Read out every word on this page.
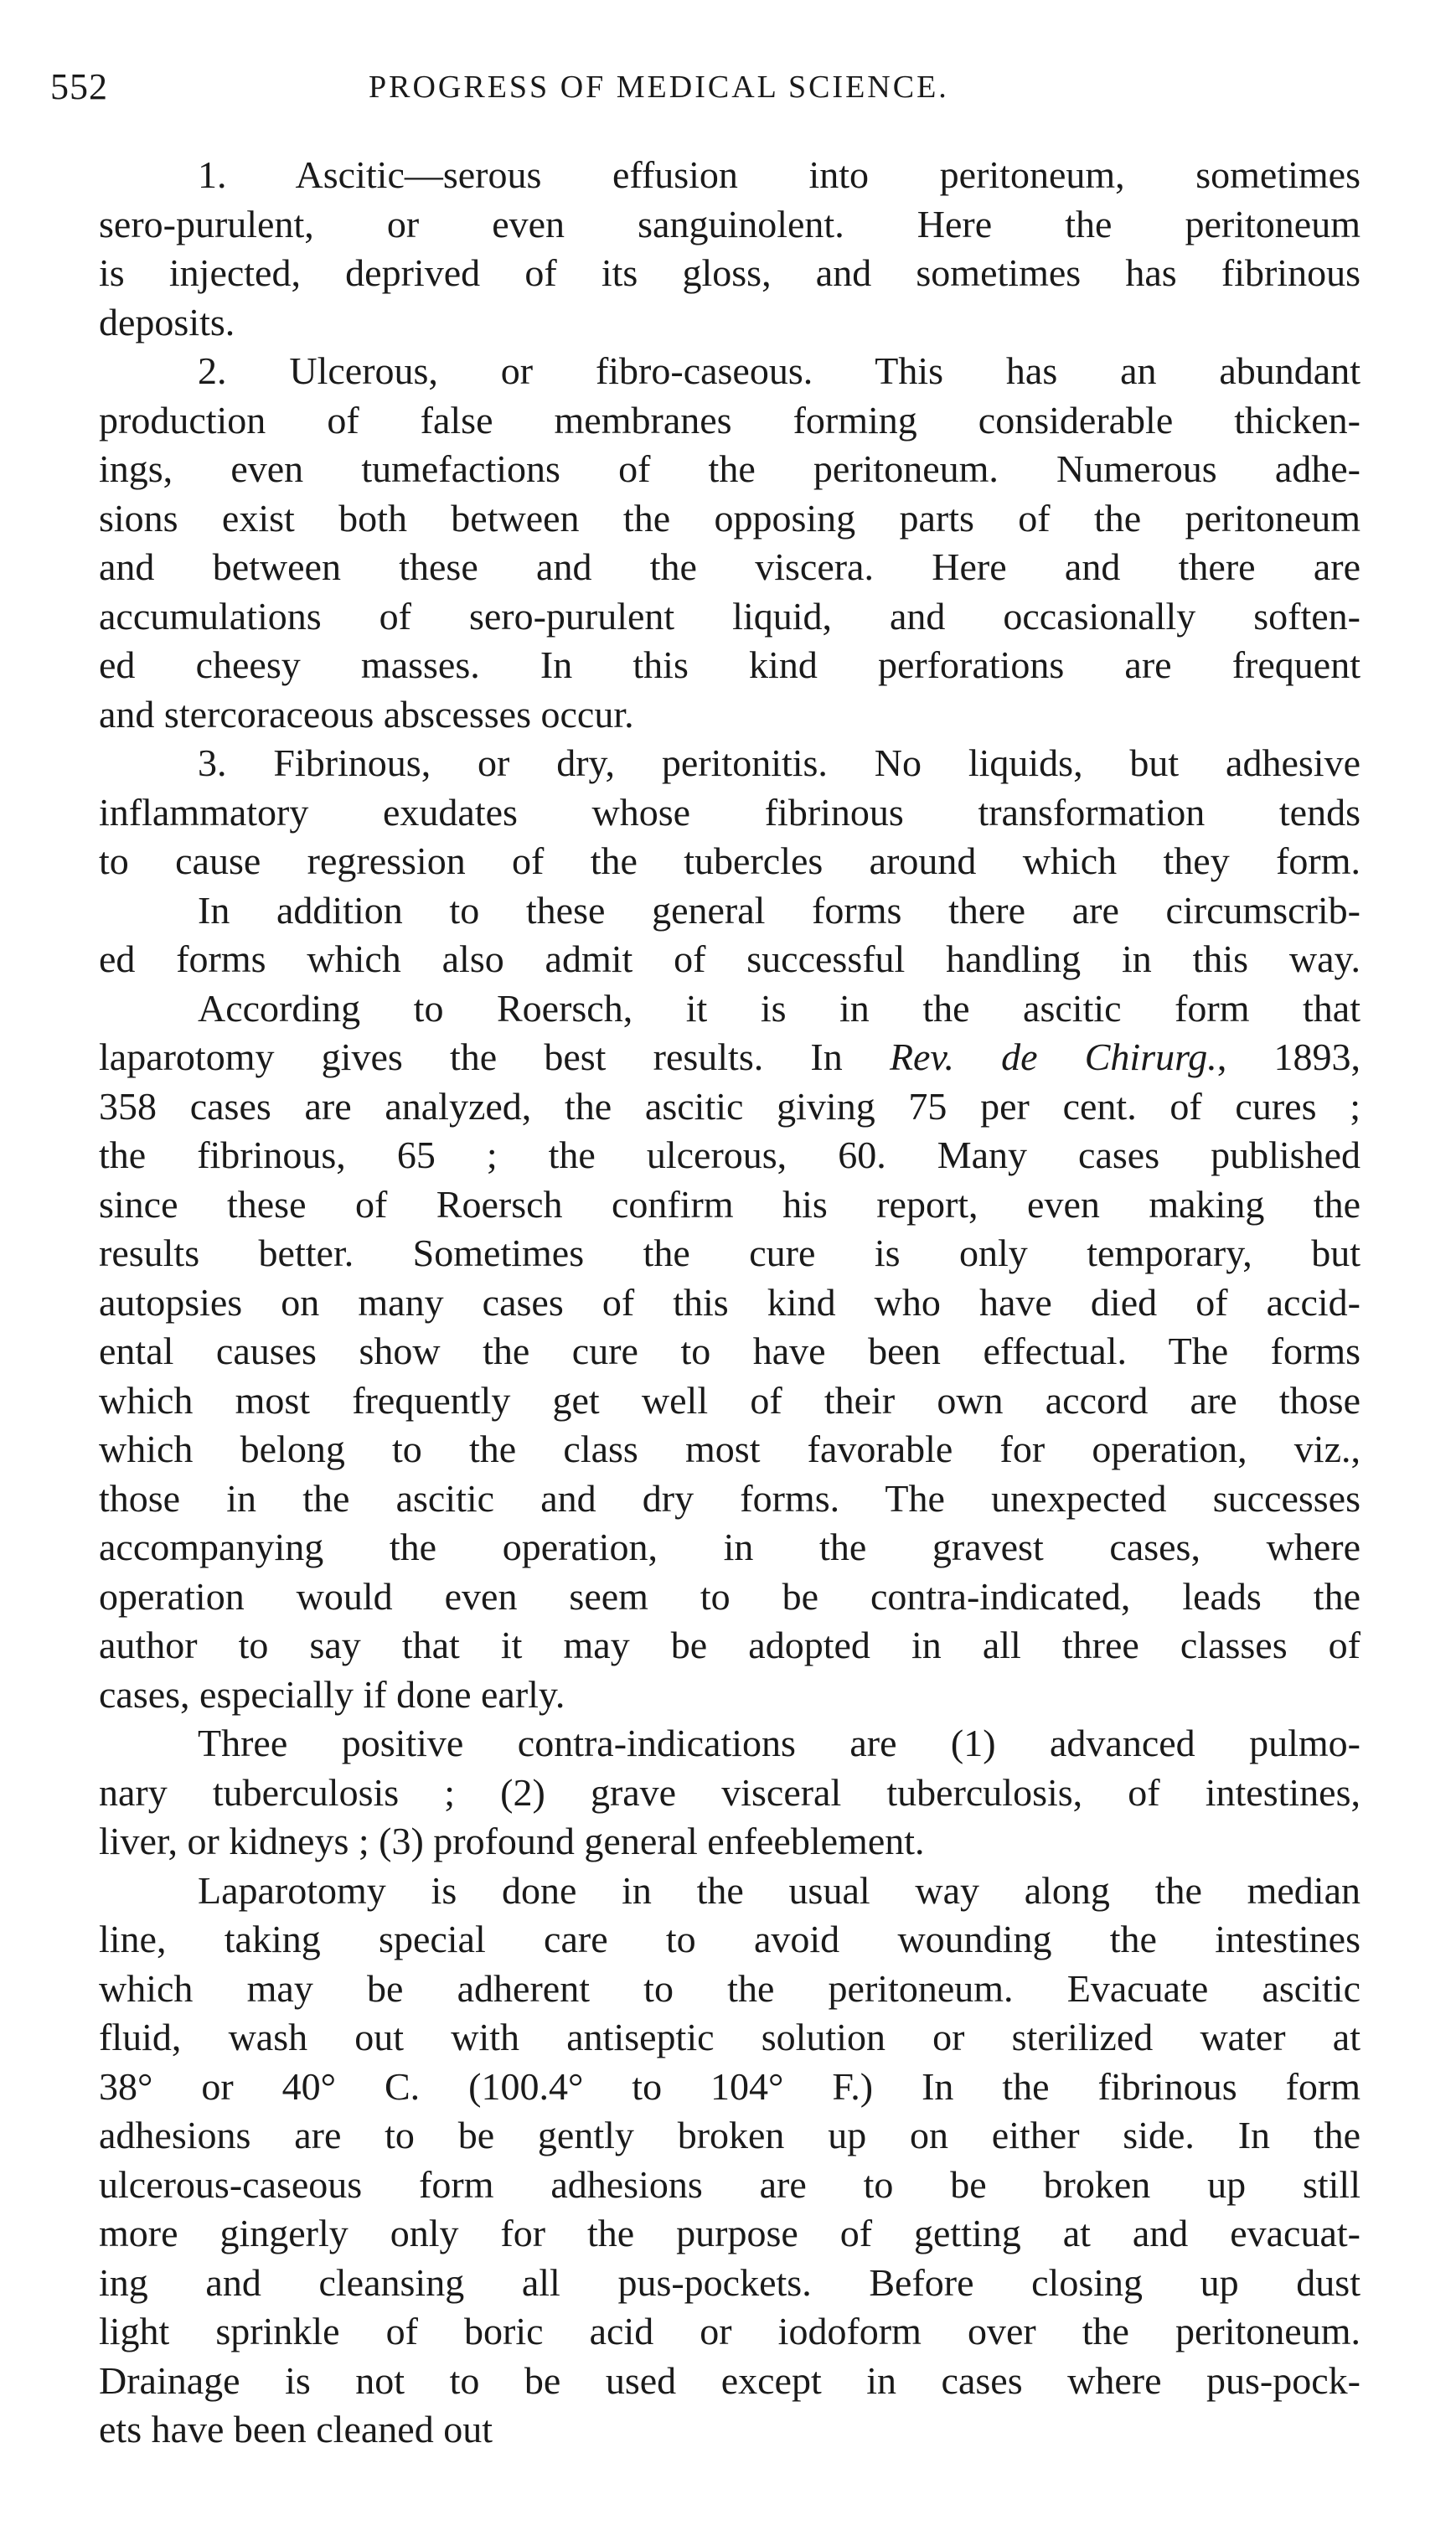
552	PROGRESS OF MEDICAL SCIENCE.
1. Ascitic—serous effusion into peritoneum, sometimes
sero-purulent, or even sanguinolent. Here the peritoneum
is injected, deprived of its gloss, and sometimes has fibrinous
deposits.
2. Ulcerous, or fibro-caseous. This has an abundant
production of false membranes forming considerable thicken-
ings, even tumefactions of the peritoneum. Numerous adhe-
sions exist both between the opposing parts of the peritoneum
and between these and the viscera. Here and there are
accumulations of sero-purulent liquid, and occasionally soften-
ed cheesy masses. In this kind perforations are frequent
and stercoraceous abscesses occur.
3. Fibrinous, or dry, peritonitis. No liquids, but adhesive
inflammatory exudates whose fibrinous transformation tends
to cause regression of the tubercles around which they form.
In addition to these general forms there are circumscrib-
ed forms which also admit of successful handling in this way.
According to Roersch, it is in the ascitic form that
laparotomy gives the best results. In Rev. de Chirurg., 1893,
358 cases are analyzed, the ascitic giving 75 per cent. of cures ;
the fibrinous, 65 ; the ulcerous, 60. Many cases published
since these of Roersch confirm his report, even making the
results better. Sometimes the cure is only temporary, but
autopsies on many cases of this kind who have died of accid-
ental causes show the cure to have been effectual. The forms
which most frequently get well of their own accord are those
which belong to the class most favorable for operation, viz.,
those in the ascitic and dry forms. The unexpected successes
accompanying the operation, in the gravest cases, where
operation would even seem to be contra-indicated, leads the
author to say that it may be adopted in all three classes of
cases, especially if done early.
Three positive contra-indications are (1) advanced pulmo-
nary tuberculosis ; (2) grave visceral tuberculosis, of intestines,
liver, or kidneys ; (3) profound general enfeeblement.
Laparotomy is done in the usual way along the median
line, taking special care to avoid wounding the intestines
which may be adherent to the peritoneum. Evacuate ascitic
fluid, wash out with antiseptic solution or sterilized water at
38° or 40° C. (100.4° to 104° F.) In the fibrinous form
adhesions are to be gently broken up on either side. In the
ulcerous-caseous form adhesions are to be broken up still
more gingerly only for the purpose of getting at and evacuat-
ing and cleansing all pus-pockets. Before closing up dust
light sprinkle of boric acid or iodoform over the peritoneum.
Drainage is not to be used except in cases where pus-pock-
ets have been cleaned out
